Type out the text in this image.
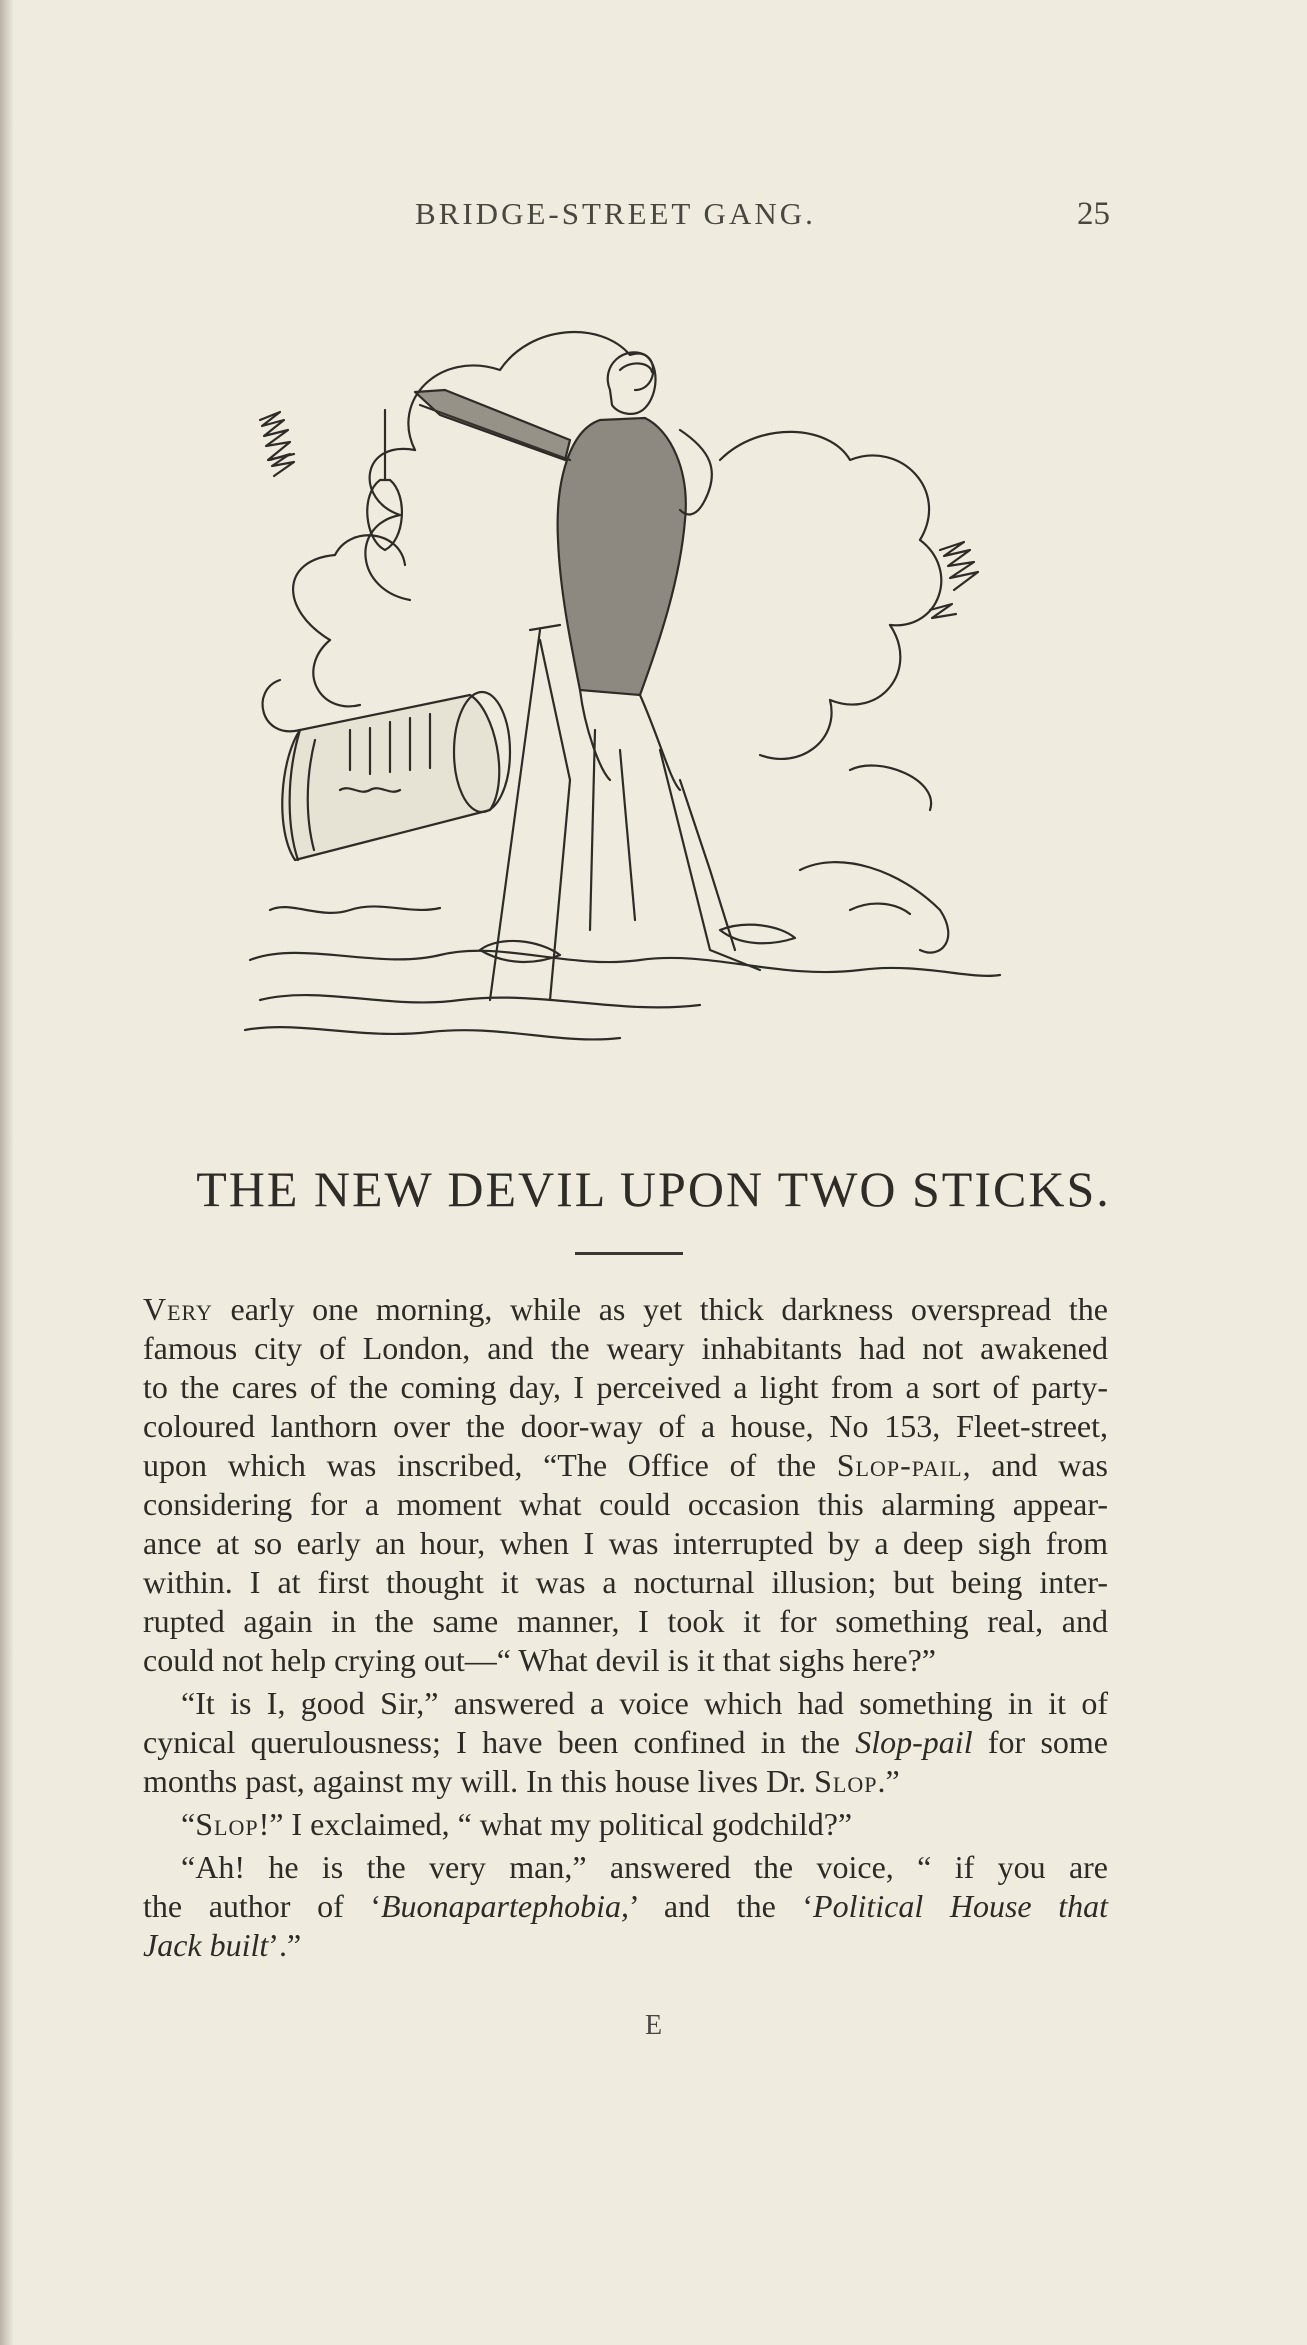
BRIDGE-STREET GANG.	25
THE NEW DEVIL UPON TWO STICKS.
Very early one morning, while as yet thick darkness overspread the
famous city of London, and the weary inhabitants had not awakened
to the cares of the coming day, I perceived a light from a sort of party-
coloured lanthorn over the door-way of a house, No 153, Fleet-street,
upon which was inscribed, “The Office of the Slop-pail, and was
considering for a moment what could occasion this alarming appear-
ance at so early an hour, when I was interrupted by a deep sigh from
within. I at first thought it was a nocturnal illusion; but being inter-
rupted again in the same manner, I took it for something real, and
could not help crying out—“ What devil is it that sighs here?”
“It is I, good Sir,” answered a voice which had something in it of
cynical querulousness; I have been confined in the Slop-pail for some
months past, against my will. In this house lives Dr. Slop.”
“Slop!” I exclaimed, “ what my political godchild?”
“Ah! he is the very man,” answered the voice, “ if you are
the author of ‘Buonapartephobia,’ and the ‘Political House that
Jack built’.”
E
